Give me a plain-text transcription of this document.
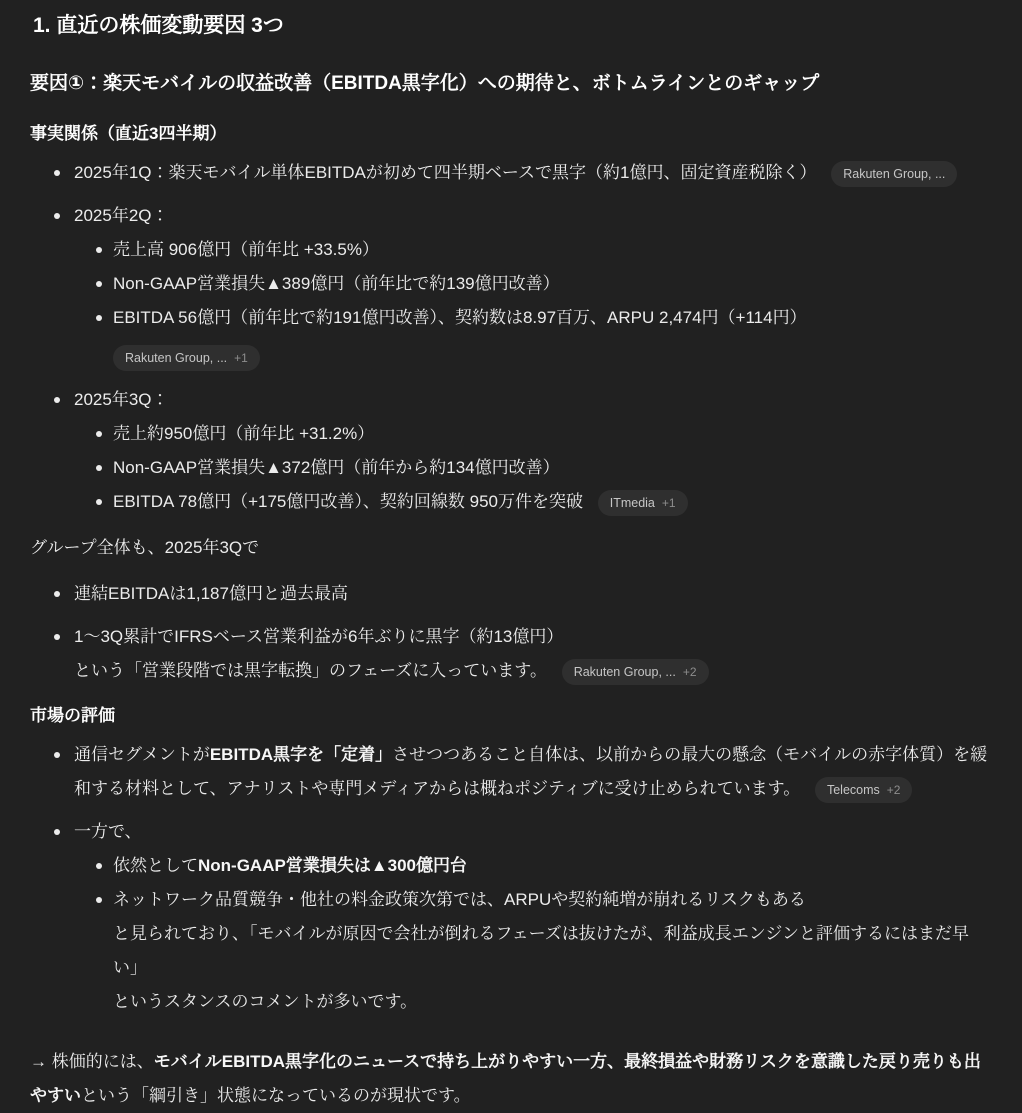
1. 直近の株価変動要因 3つ
要因①：楽天モバイルの収益改善（EBITDA黒字化）への期待と、ボトムラインとのギャップ

事実関係（直近3四半期）

2025年1Q：楽天モバイル単体EBITDAが初めて四半期ベースで黒字（約1億円、固定資産税除く） Rakuten Group, ...
2025年2Q：
売上高 906億円（前年比 +33.5%）
Non-GAAP営業損失▲389億円（前年比で約139億円改善）
EBITDA 56億円（前年比で約191億円改善）、契約数は8.97百万、ARPU 2,474円（+114円）
Rakuten Group, ... +1
2025年3Q：
売上約950億円（前年比 +31.2%）
Non-GAAP営業損失▲372億円（前年から約134億円改善）
EBITDA 78億円（+175億円改善）、契約回線数 950万件を突破 ITmedia +1

グループ全体も、2025年3Qで

連結EBITDAは1,187億円と過去最高
1〜3Q累計でIFRSベース営業利益が6年ぶりに黒字（約13億円）
という「営業段階では黒字転換」のフェーズに入っています。 Rakuten Group, ... +2

市場の評価

通信セグメントがEBITDA黒字を「定着」させつつあること自体は、以前からの最大の懸念（モバイルの赤字体質）を緩和する材料として、アナリストや専門メディアからは概ねポジティブに受け止められています。 Telecoms +2
一方で、
依然としてNon-GAAP営業損失は▲300億円台
ネットワーク品質競争・他社の料金政策次第では、ARPUや契約純増が崩れるリスクもある
と見られており、「モバイルが原因で会社が倒れるフェーズは抜けたが、利益成長エンジンと評価するにはまだ早い」
というスタンスのコメントが多いです。

→ 株価的には、モバイルEBITDA黒字化のニュースで持ち上がりやすい一方、最終損益や財務リスクを意識した戻り売りも出やすいという「綱引き」状態になっているのが現状です。
